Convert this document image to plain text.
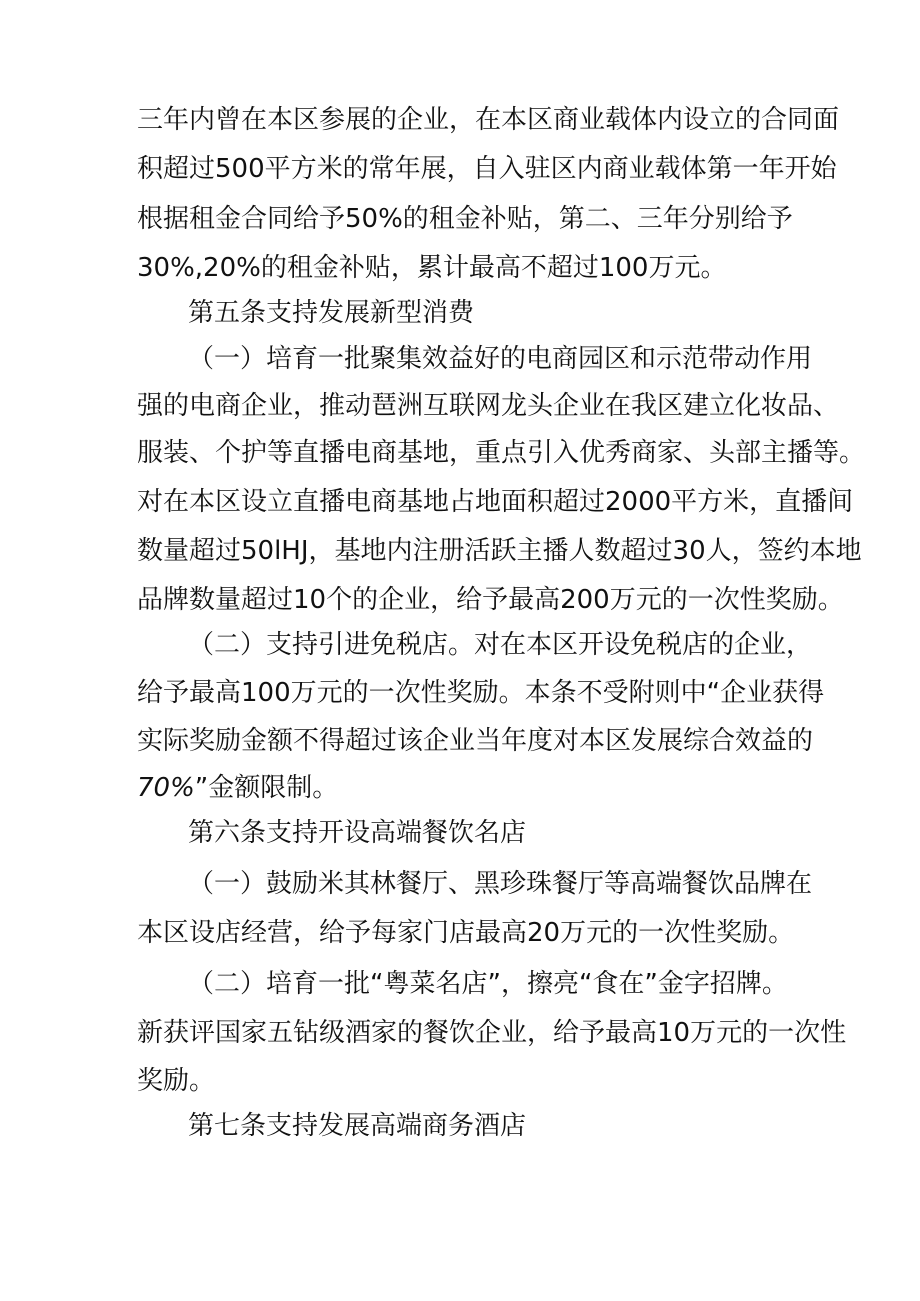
三年内曾在本区参展的企业，在本区商业载体内设立的合同面
积超过500平方米的常年展，自入驻区内商业载体第一年开始
根据租金合同给予50%的租金补贴，第二、三年分别给予
30%,20%的租金补贴，累计最高不超过100万元。
第五条支持发展新型消费
（一）培育一批聚集效益好的电商园区和示范带动作用
强的电商企业，推动琶洲互联网龙头企业在我区建立化妆品、
服装、个护等直播电商基地，重点引入优秀商家、头部主播等。
对在本区设立直播电商基地占地面积超过2000平方米，直播间
数量超过50lHJ，基地内注册活跃主播人数超过30人，签约本地
品牌数量超过10个的企业，给予最高200万元的一次性奖励。
（二）支持引进免税店。对在本区开设免税店的企业，
给予最高100万元的一次性奖励。本条不受附则中“企业获得
实际奖励金额不得超过该企业当年度对本区发展综合效益的
70%”金额限制。
第六条支持开设高端餐饮名店
（一）鼓励米其林餐厅、黑珍珠餐厅等高端餐饮品牌在
本区设店经营，给予每家门店最高20万元的一次性奖励。
（二）培育一批“粤菜名店”，擦亮“食在”金字招牌。
新获评国家五钻级酒家的餐饮企业，给予最高10万元的一次性
奖励。
第七条支持发展高端商务酒店
